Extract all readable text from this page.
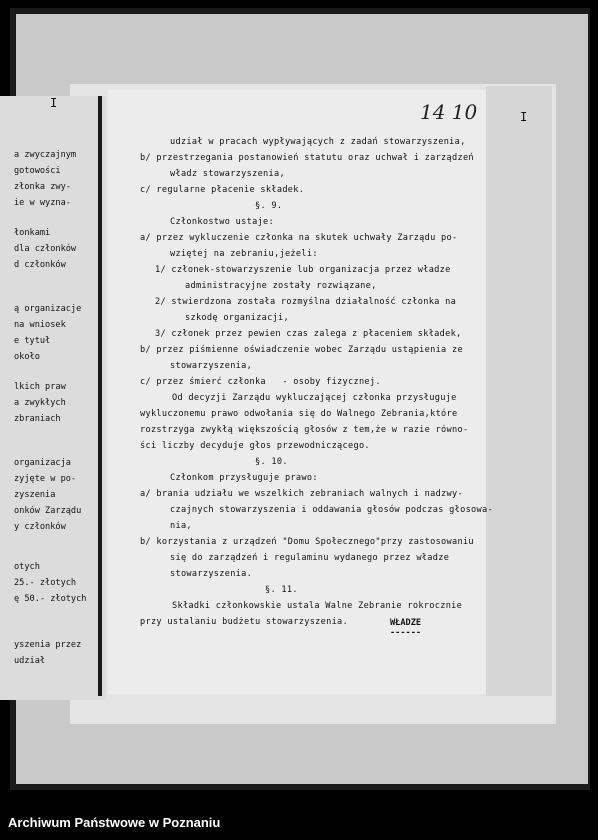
I
I
14 10
WŁADZE
------
Archiwum Państwowe w Poznaniu
udział w pracach wypływających z zadań stowarzyszenia,
b/ przestrzegania postanowień statutu oraz uchwał i zarządzeń
władz stowarzyszenia,
c/ regularne płacenie składek.
§. 9.
Członkostwo ustaje:
a/ przez wykluczenie członka na skutek uchwały Zarządu po-
wziętej na zebraniu,jeżeli:
1/ członek-stowarzyszenie lub organizacja przez władze
administracyjne zostały rozwiązane,
2/ stwierdzona została rozmyślna działalność członka na
szkodę organizacji,
3/ członek przez pewien czas zalega z płaceniem składek,
b/ przez piśmienne oświadczenie wobec Zarządu ustąpienia ze
stowarzyszenia,
c/ przez śmierć członka   - osoby fizycznej.
Od decyzji Zarządu wykluczającej członka przysługuje
wykluczonemu prawo odwołania się do Walnego Zebrania,które
rozstrzyga zwykłą większością głosów z tem,że w razie równo-
ści liczby decyduje głos przewodniczącego.
§. 10.
Członkom przysługuje prawo:
a/ brania udziału we wszelkich zebraniach walnych i nadzwy-
czajnych stowarzyszenia i oddawania głosów podczas głosowa-
nia,
b/ korzystania z urządzeń "Domu Społecznego"przy zastosowaniu
się do zarządzeń i regulaminu wydanego przez władze
stowarzyszenia.
§. 11.
Składki członkowskie ustala Walne Zebranie rokrocznie
przy ustalaniu budżetu stowarzyszenia.
a zwyczajnym
gotowości
złonka zwy-
ie w wyzna-
łonkami
dla członków
d członków
ą organizacje
na wniosek
e tytuł
około
lkich praw
a zwykłych
zbraniach
organizacja
zyjęte w po-
zyszenia
onków Zarządu
y członków
otych
25.- złotych
ę 50.- złotych
yszenia przez
udział
